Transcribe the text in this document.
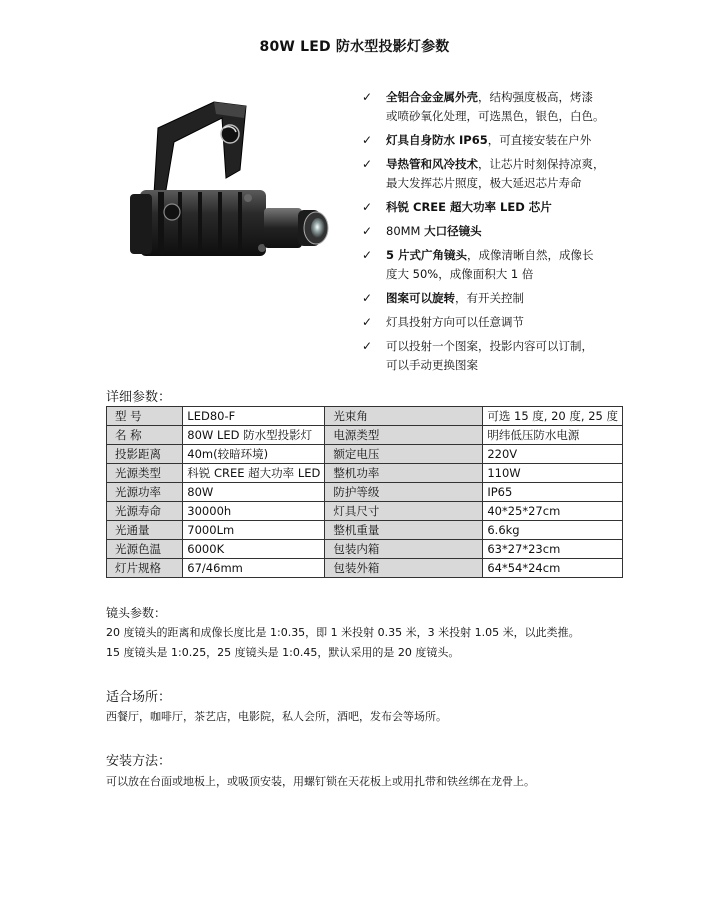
80W LED 防水型投影灯参数
✓ 全铝合金金属外壳，结构强度极高，烤漆
或喷砂氧化处理，可选黑色，银色，白色。
✓ 灯具自身防水 IP65，可直接安装在户外
✓ 导热管和风冷技术，让芯片时刻保持凉爽，
最大发挥芯片照度，极大延迟芯片寿命
✓ 科锐 CREE 超大功率 LED 芯片
✓ 80MM 大口径镜头
✓ 5 片式广角镜头，成像清晰自然，成像长
度大 50%，成像面积大 1 倍
✓ 图案可以旋转，有开关控制
✓ 灯具投射方向可以任意调节
✓ 可以投射一个图案，投影内容可以订制，
可以手动更换图案
详细参数：
型 号	LED80-F	光束角	可选 15 度, 20 度, 25 度
名 称	80W LED 防水型投影灯	电源类型	明纬低压防水电源
投影距离	40m(较暗环境)	额定电压	220V
光源类型	科锐 CREE 超大功率 LED	整机功率	110W
光源功率	80W	防护等级	IP65
光源寿命	30000h	灯具尺寸	40*25*27cm
光通量	7000Lm	整机重量	6.6kg
光源色温	6000K	包装内箱	63*27*23cm
灯片规格	67/46mm	包装外箱	64*54*24cm
镜头参数：
20 度镜头的距离和成像长度比是 1:0.35，即 1 米投射 0.35 米，3 米投射 1.05 米，以此类推。
15 度镜头是 1:0.25，25 度镜头是 1:0.45，默认采用的是 20 度镜头。
适合场所：
西餐厅，咖啡厅，茶艺店，电影院，私人会所，酒吧，发布会等场所。
安装方法：
可以放在台面或地板上，或吸顶安装，用螺钉锁在天花板上或用扎带和铁丝绑在龙骨上。
